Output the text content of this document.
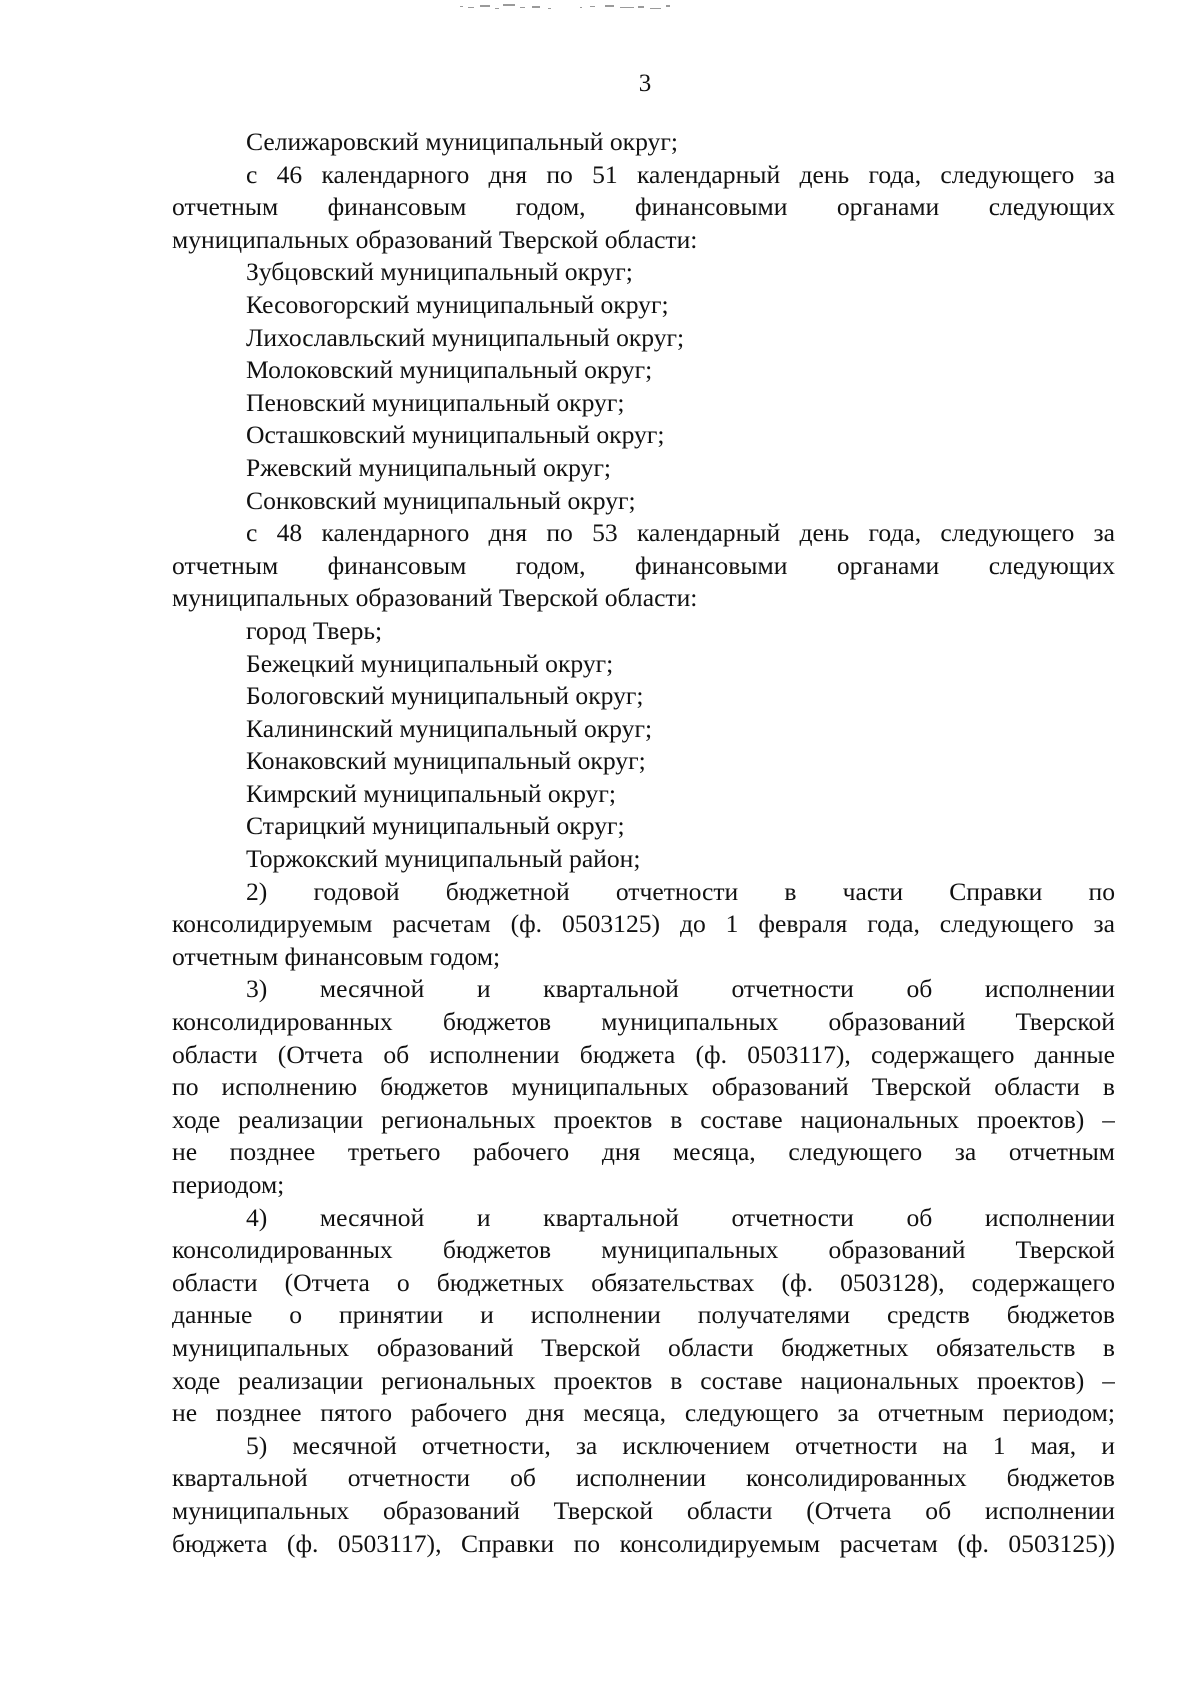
3
Селижаровский муниципальный округ;
с 46 календарного дня по 51 календарный день года, следующего за
отчетным финансовым годом, финансовыми органами следующих
муниципальных образований Тверской области:
Зубцовский муниципальный округ;
Кесовогорский муниципальный округ;
Лихославльский муниципальный округ;
Молоковский муниципальный округ;
Пеновский муниципальный округ;
Осташковский муниципальный округ;
Ржевский муниципальный округ;
Сонковский муниципальный округ;
с 48 календарного дня по 53 календарный день года, следующего за
отчетным финансовым годом, финансовыми органами следующих
муниципальных образований Тверской области:
город Тверь;
Бежецкий муниципальный округ;
Бологовский муниципальный округ;
Калининский муниципальный округ;
Конаковский муниципальный округ;
Кимрский муниципальный округ;
Старицкий муниципальный округ;
Торжокский муниципальный район;
2) годовой бюджетной отчетности в части Справки по
консолидируемым расчетам (ф. 0503125) до 1 февраля года, следующего за
отчетным финансовым годом;
3) месячной и квартальной отчетности об исполнении
консолидированных бюджетов муниципальных образований Тверской
области (Отчета об исполнении бюджета (ф. 0503117), содержащего данные
по исполнению бюджетов муниципальных образований Тверской области в
ходе реализации региональных проектов в составе национальных проектов) –
не позднее третьего рабочего дня месяца, следующего за отчетным
периодом;
4) месячной и квартальной отчетности об исполнении
консолидированных бюджетов муниципальных образований Тверской
области (Отчета о бюджетных обязательствах (ф. 0503128), содержащего
данные о принятии и исполнении получателями средств бюджетов
муниципальных образований Тверской области бюджетных обязательств в
ходе реализации региональных проектов в составе национальных проектов) –
не позднее пятого рабочего дня месяца, следующего за отчетным периодом;
5) месячной отчетности, за исключением отчетности на 1 мая, и
квартальной отчетности об исполнении консолидированных бюджетов
муниципальных образований Тверской области (Отчета об исполнении
бюджета (ф. 0503117), Справки по консолидируемым расчетам (ф. 0503125))
